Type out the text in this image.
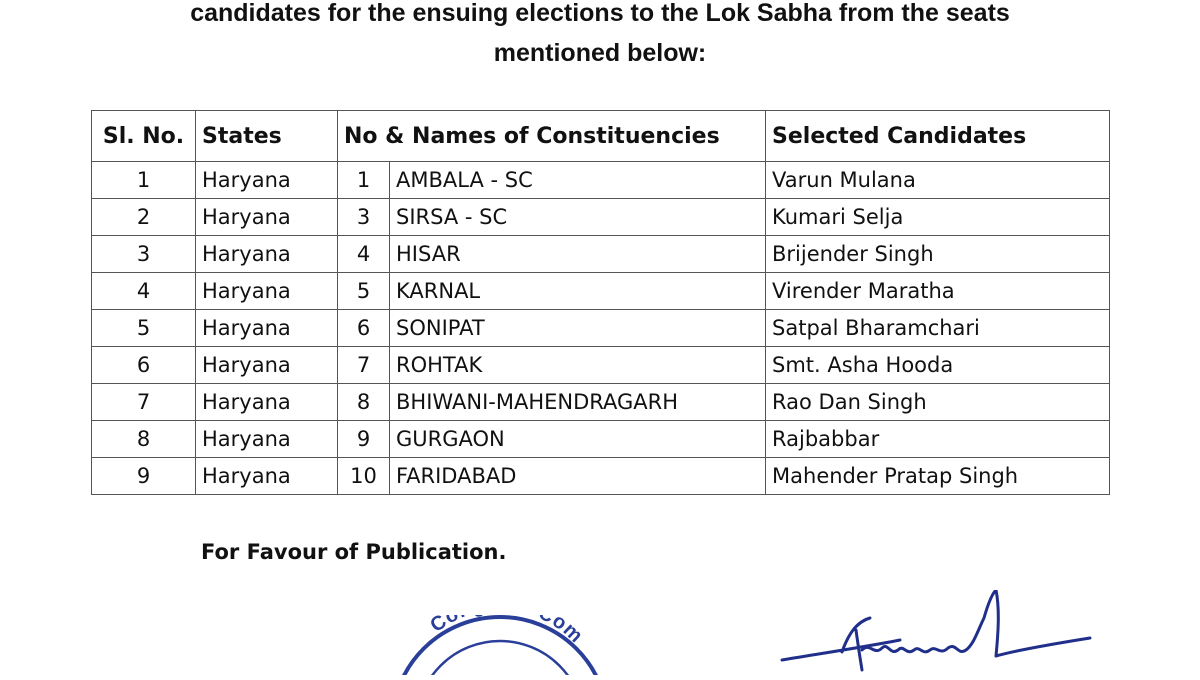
candidates for the ensuing elections to the Lok Sabha from the seats
mentioned below:
Sl. No.	States	No & Names of Constituencies		Selected Candidates
1	Haryana	1	AMBALA - SC	Varun Mulana
2	Haryana	3	SIRSA - SC	Kumari Selja
3	Haryana	4	HISAR	Brijender Singh
4	Haryana	5	KARNAL	Virender Maratha
5	Haryana	6	SONIPAT	Satpal Bharamchari
6	Haryana	7	ROHTAK	Smt. Asha Hooda
7	Haryana	8	BHIWANI-MAHENDRAGARH	Rao Dan Singh
8	Haryana	9	GURGAON	Rajbabbar
9	Haryana	10	FARIDABAD	Mahender Pratap Singh
For Favour of Publication.
Co om
